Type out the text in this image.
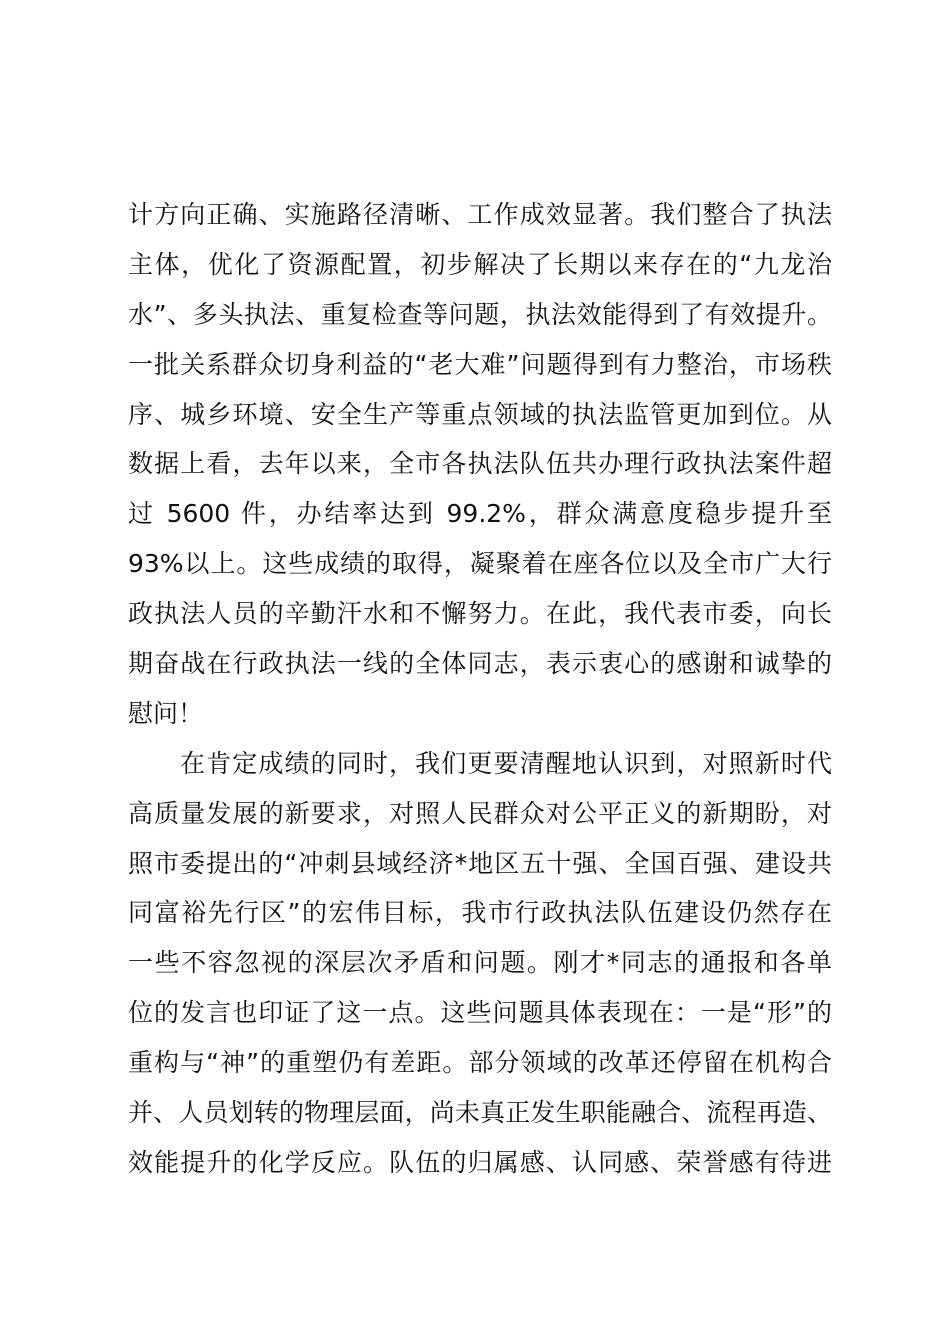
计方向正确、实施路径清晰、工作成效显著。我们整合了执法
主体，优化了资源配置，初步解决了长期以来存在的“九龙治
水”、多头执法、重复检查等问题，执法效能得到了有效提升。
一批关系群众切身利益的“老大难”问题得到有力整治，市场秩
序、城乡环境、安全生产等重点领域的执法监管更加到位。从
数据上看，去年以来，全市各执法队伍共办理行政执法案件超
过 5600 件，办结率达到 99.2%，群众满意度稳步提升至
93%以上。这些成绩的取得，凝聚着在座各位以及全市广大行
政执法人员的辛勤汗水和不懈努力。在此，我代表市委，向长
期奋战在行政执法一线的全体同志，表示衷心的感谢和诚挚的
慰问！
在肯定成绩的同时，我们更要清醒地认识到，对照新时代
高质量发展的新要求，对照人民群众对公平正义的新期盼，对
照市委提出的“冲刺县域经济*地区五十强、全国百强、建设共
同富裕先行区”的宏伟目标，我市行政执法队伍建设仍然存在
一些不容忽视的深层次矛盾和问题。刚才*同志的通报和各单
位的发言也印证了这一点。这些问题具体表现在：一是“形”的
重构与“神”的重塑仍有差距。部分领域的改革还停留在机构合
并、人员划转的物理层面，尚未真正发生职能融合、流程再造、
效能提升的化学反应。队伍的归属感、认同感、荣誉感有待进
